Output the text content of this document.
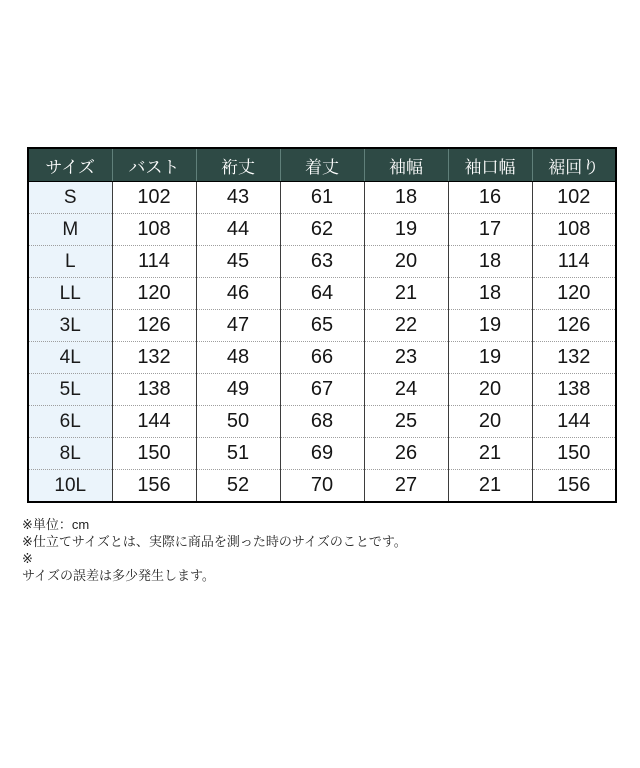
サイズ	バスト	裄丈	着丈	袖幅	袖口幅	裾回り
S	102	43	61	18	16	102
M	108	44	62	19	17	108
L	114	45	63	20	18	114
LL	120	46	64	21	18	120
3L	126	47	65	22	19	126
4L	132	48	66	23	19	132
5L	138	49	67	24	20	138
6L	144	50	68	25	20	144
8L	150	51	69	26	21	150
10L	156	52	70	27	21	156
※単位：cm
※仕立てサイズとは、実際に商品を測った時のサイズのことです。
※
サイズの誤差は多少発生します。
